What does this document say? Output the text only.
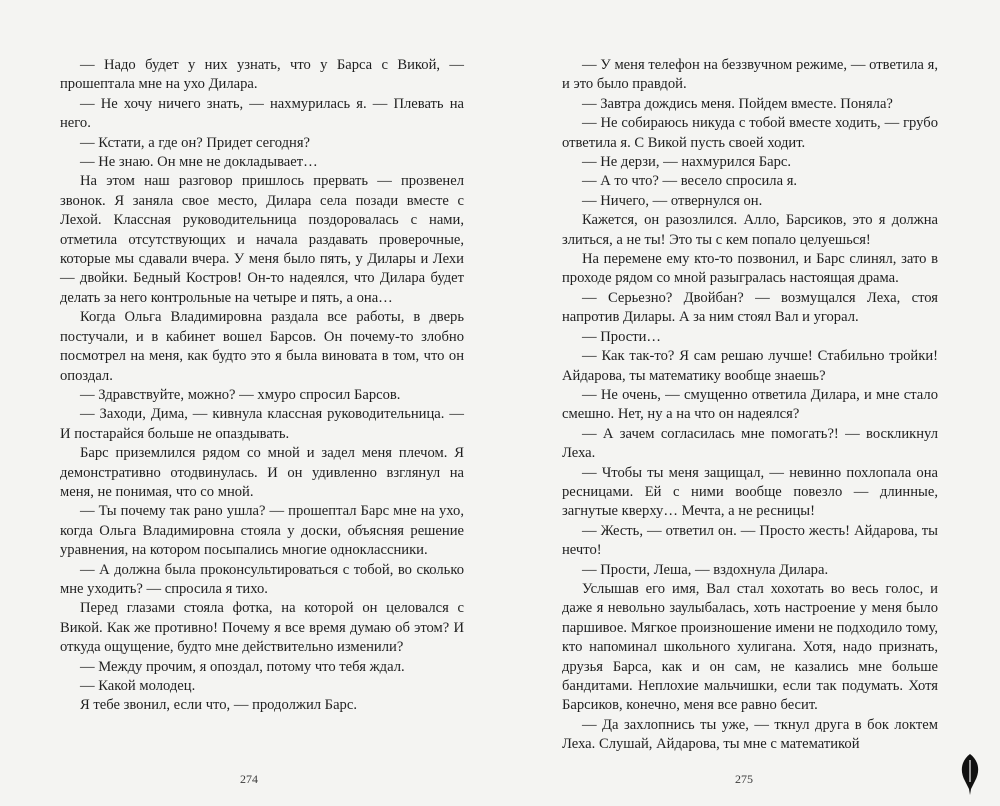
— Надо будет у них узнать, что у Барса с Викой, — прошептала мне на ухо Дилара.

— Не хочу ничего знать, — нахмурилась я. — Плевать на него.

— Кстати, а где он? Придет сегодня?

— Не знаю. Он мне не докладывает…

На этом наш разговор пришлось прервать — прозвенел звонок. Я заняла свое место, Дилара села позади вместе с Лехой. Классная руководительница поздоровалась с нами, отметила отсутствующих и начала раздавать проверочные, которые мы сдавали вчера. У меня было пять, у Дилары и Лехи — двойки. Бедный Костров! Он-то надеялся, что Дилара будет делать за него контрольные на четыре и пять, а она…

Когда Ольга Владимировна раздала все работы, в дверь постучали, и в кабинет вошел Барсов. Он почему-то злобно посмотрел на меня, как будто это я была виновата в том, что он опоздал.

— Здравствуйте, можно? — хмуро спросил Барсов.

— Заходи, Дима, — кивнула классная руководительница. — И постарайся больше не опаздывать.

Барс приземлился рядом со мной и задел меня плечом. Я демонстративно отодвинулась. И он удивленно взглянул на меня, не понимая, что со мной.

— Ты почему так рано ушла? — прошептал Барс мне на ухо, когда Ольга Владимировна стояла у доски, объясняя решение уравнения, на котором посыпались многие одноклассники.

— А должна была проконсультироваться с тобой, во сколько мне уходить? — спросила я тихо.

Перед глазами стояла фотка, на которой он целовался с Викой. Как же противно! Почему я все время думаю об этом? И откуда ощущение, будто мне действительно изменили?

— Между прочим, я опоздал, потому что тебя ждал.

— Какой молодец.

Я тебе звонил, если что, — продолжил Барс.

— У меня телефон на беззвучном режиме, — ответила я, и это было правдой.

— Завтра дождись меня. Пойдем вместе. Поняла?

— Не собираюсь никуда с тобой вместе ходить, — грубо ответила я. С Викой пусть своей ходит.

— Не дерзи, — нахмурился Барс.

— А то что? — весело спросила я.

— Ничего, — отвернулся он.

Кажется, он разозлился. Алло, Барсиков, это я должна злиться, а не ты! Это ты с кем попало целуешься!

На перемене ему кто-то позвонил, и Барс слинял, зато в проходе рядом со мной разыгралась настоящая драма.

— Серьезно? Двойбан? — возмущался Леха, стоя напротив Дилары. А за ним стоял Вал и угорал.

— Прости…

— Как так-то? Я сам решаю лучше! Стабильно тройки! Айдарова, ты математику вообще знаешь?

— Не очень, — смущенно ответила Дилара, и мне стало смешно. Нет, ну а на что он надеялся?

— А зачем согласилась мне помогать?! — воскликнул Леха.

— Чтобы ты меня защищал, — невинно похлопала она ресницами. Ей с ними вообще повезло — длинные, загнутые кверху… Мечта, а не ресницы!

— Жесть, — ответил он. — Просто жесть! Айдарова, ты нечто!

— Прости, Леша, — вздохнула Дилара.

Услышав его имя, Вал стал хохотать во весь голос, и даже я невольно заулыбалась, хоть настроение у меня было паршивое. Мягкое произношение имени не подходило тому, кто напоминал школьного хулигана. Хотя, надо признать, друзья Барса, как и он сам, не казались мне больше бандитами. Неплохие мальчишки, если так подумать. Хотя Барсиков, конечно, меня все равно бесит.

— Да захлопнись ты уже, — ткнул друга в бок локтем Леха. Слушай, Айдарова, ты мне с математикой

274	275
